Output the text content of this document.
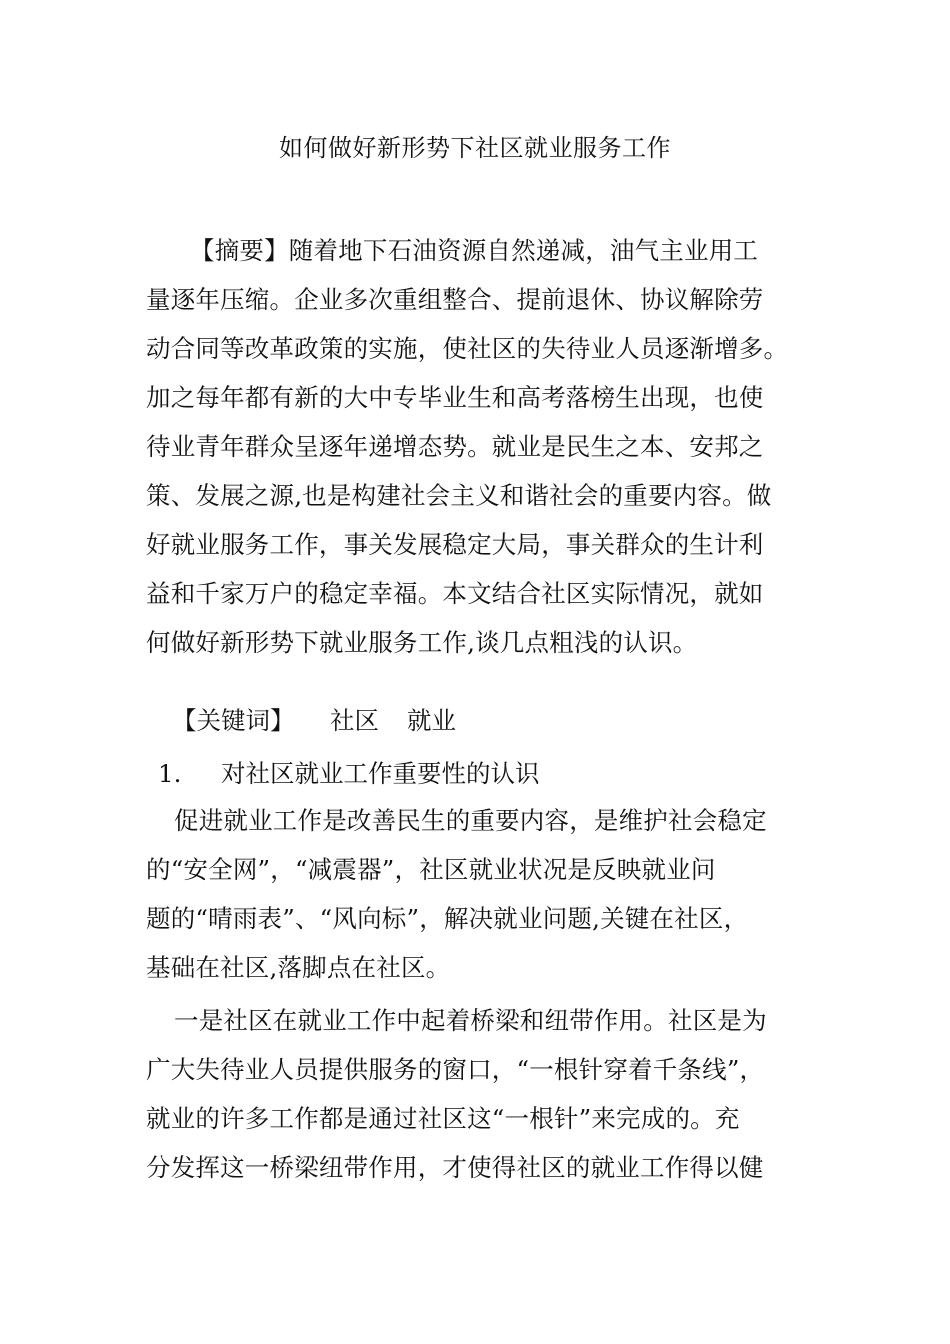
如何做好新形势下社区就业服务工作
【摘要】随着地下石油资源自然递减，油气主业用工
量逐年压缩。企业多次重组整合、提前退休、协议解除劳
动合同等改革政策的实施，使社区的失待业人员逐渐增多。
加之每年都有新的大中专毕业生和高考落榜生出现，也使
待业青年群众呈逐年递增态势。就业是民生之本、安邦之
策、发展之源,也是构建社会主义和谐社会的重要内容。做
好就业服务工作，事关发展稳定大局，事关群众的生计利
益和千家万户的稳定幸福。本文结合社区实际情况，就如
何做好新形势下就业服务工作,谈几点粗浅的认识。
【关键词】 社区 就业
1. 对社区就业工作重要性的认识
促进就业工作是改善民生的重要内容，是维护社会稳定
的“安全网”，“减震器”，社区就业状况是反映就业问
题的“晴雨表”、“风向标”，解决就业问题,关键在社区，
基础在社区,落脚点在社区。
一是社区在就业工作中起着桥梁和纽带作用。社区是为
广大失待业人员提供服务的窗口，“一根针穿着千条线”，
就业的许多工作都是通过社区这“一根针”来完成的。充
分发挥这一桥梁纽带作用，才使得社区的就业工作得以健
